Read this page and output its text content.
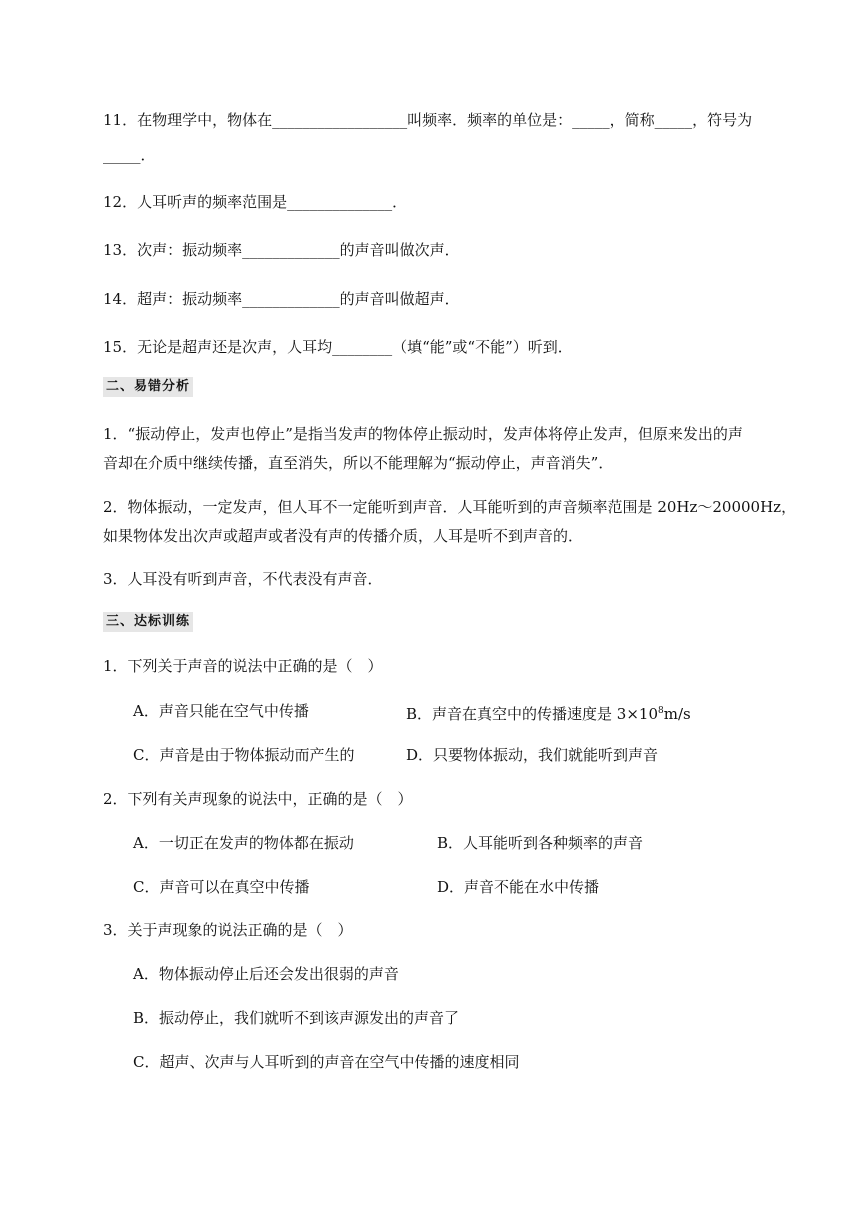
11．在物理学中，物体在__________________叫频率．频率的单位是：_____，简称_____，符号为
_____．
12．人耳听声的频率范围是______________．
13．次声：振动频率_____________的声音叫做次声．
14．超声：振动频率_____________的声音叫做超声．
15．无论是超声还是次声，人耳均________（填“能”或“不能”）听到．
二、易错分析
1．“振动停止，发声也停止”是指当发声的物体停止振动时，发声体将停止发声，但原来发出的声
音却在介质中继续传播，直至消失，所以不能理解为“振动停止，声音消失”．
2．物体振动，一定发声，但人耳不一定能听到声音．人耳能听到的声音频率范围是 20Hz～20000Hz，
如果物体发出次声或超声或者没有声的传播介质，人耳是听不到声音的．
3．人耳没有听到声音，不代表没有声音．
三、达标训练
1．下列关于声音的说法中正确的是（　）
A．声音只能在空气中传播	B．声音在真空中的传播速度是 $3\times 10^8m/s$
C．声音是由于物体振动而产生的	D．只要物体振动，我们就能听到声音
2．下列有关声现象的说法中，正确的是（　）
A．一切正在发声的物体都在振动	B．人耳能听到各种频率的声音
C．声音可以在真空中传播	D．声音不能在水中传播
3．关于声现象的说法正确的是（　）
A．物体振动停止后还会发出很弱的声音
B．振动停止，我们就听不到该声源发出的声音了
C．超声、次声与人耳听到的声音在空气中传播的速度相同
